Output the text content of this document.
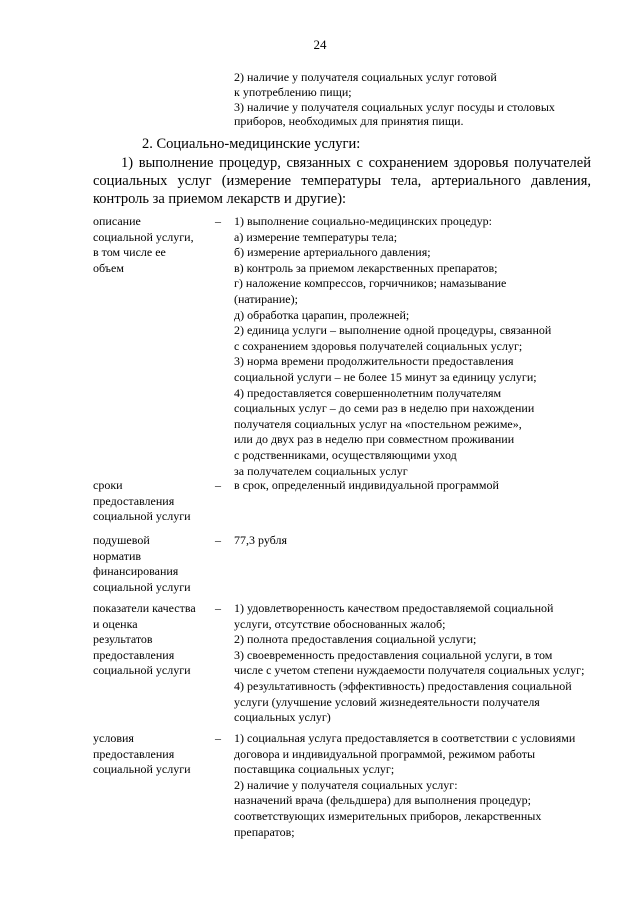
24
2) наличие у получателя социальных услуг готовой
к употреблению пищи;
3) наличие у получателя социальных услуг посуды и столовых
приборов, необходимых для принятия пищи.
2. Социально-медицинские услуги:
1) выполнение процедур, связанных с сохранением здоровья получателей
социальных услуг (измерение температуры тела, артериального давления,
контроль за приемом лекарств и другие):
описание
социальной услуги,
в том числе ее
объем
– 1) выполнение социально-медицинских процедур:
а) измерение температуры тела;
б) измерение артериального давления;
в) контроль за приемом лекарственных препаратов;
г) наложение компрессов, горчичников; намазывание
(натирание);
д) обработка царапин, пролежней;
2) единица услуги – выполнение одной процедуры, связанной
с сохранением здоровья получателей социальных услуг;
3) норма времени продолжительности предоставления
социальной услуги – не более 15 минут за единицу услуги;
4) предоставляется совершеннолетним получателям
социальных услуг – до семи раз в неделю при нахождении
получателя социальных услуг на «постельном режиме»,
или до двух раз в неделю при совместном проживании
с родственниками, осуществляющими уход
за получателем социальных услуг
сроки
предоставления
социальной услуги
– в срок, определенный индивидуальной программой
подушевой
норматив
финансирования
социальной услуги
– 77,3 рубля
показатели качества
и оценка
результатов
предоставления
социальной услуги
– 1) удовлетворенность качеством предоставляемой социальной
услуги, отсутствие обоснованных жалоб;
2) полнота предоставления социальной услуги;
3) своевременность предоставления социальной услуги, в том
числе с учетом степени нуждаемости получателя социальных услуг;
4) результативность (эффективность) предоставления социальной
услуги (улучшение условий жизнедеятельности получателя
социальных услуг)
условия
предоставления
социальной услуги
– 1) социальная услуга предоставляется в соответствии с условиями
договора и индивидуальной программой, режимом работы
поставщика социальных услуг;
2) наличие у получателя социальных услуг:
назначений врача (фельдшера) для выполнения процедур;
соответствующих измерительных приборов, лекарственных
препаратов;
